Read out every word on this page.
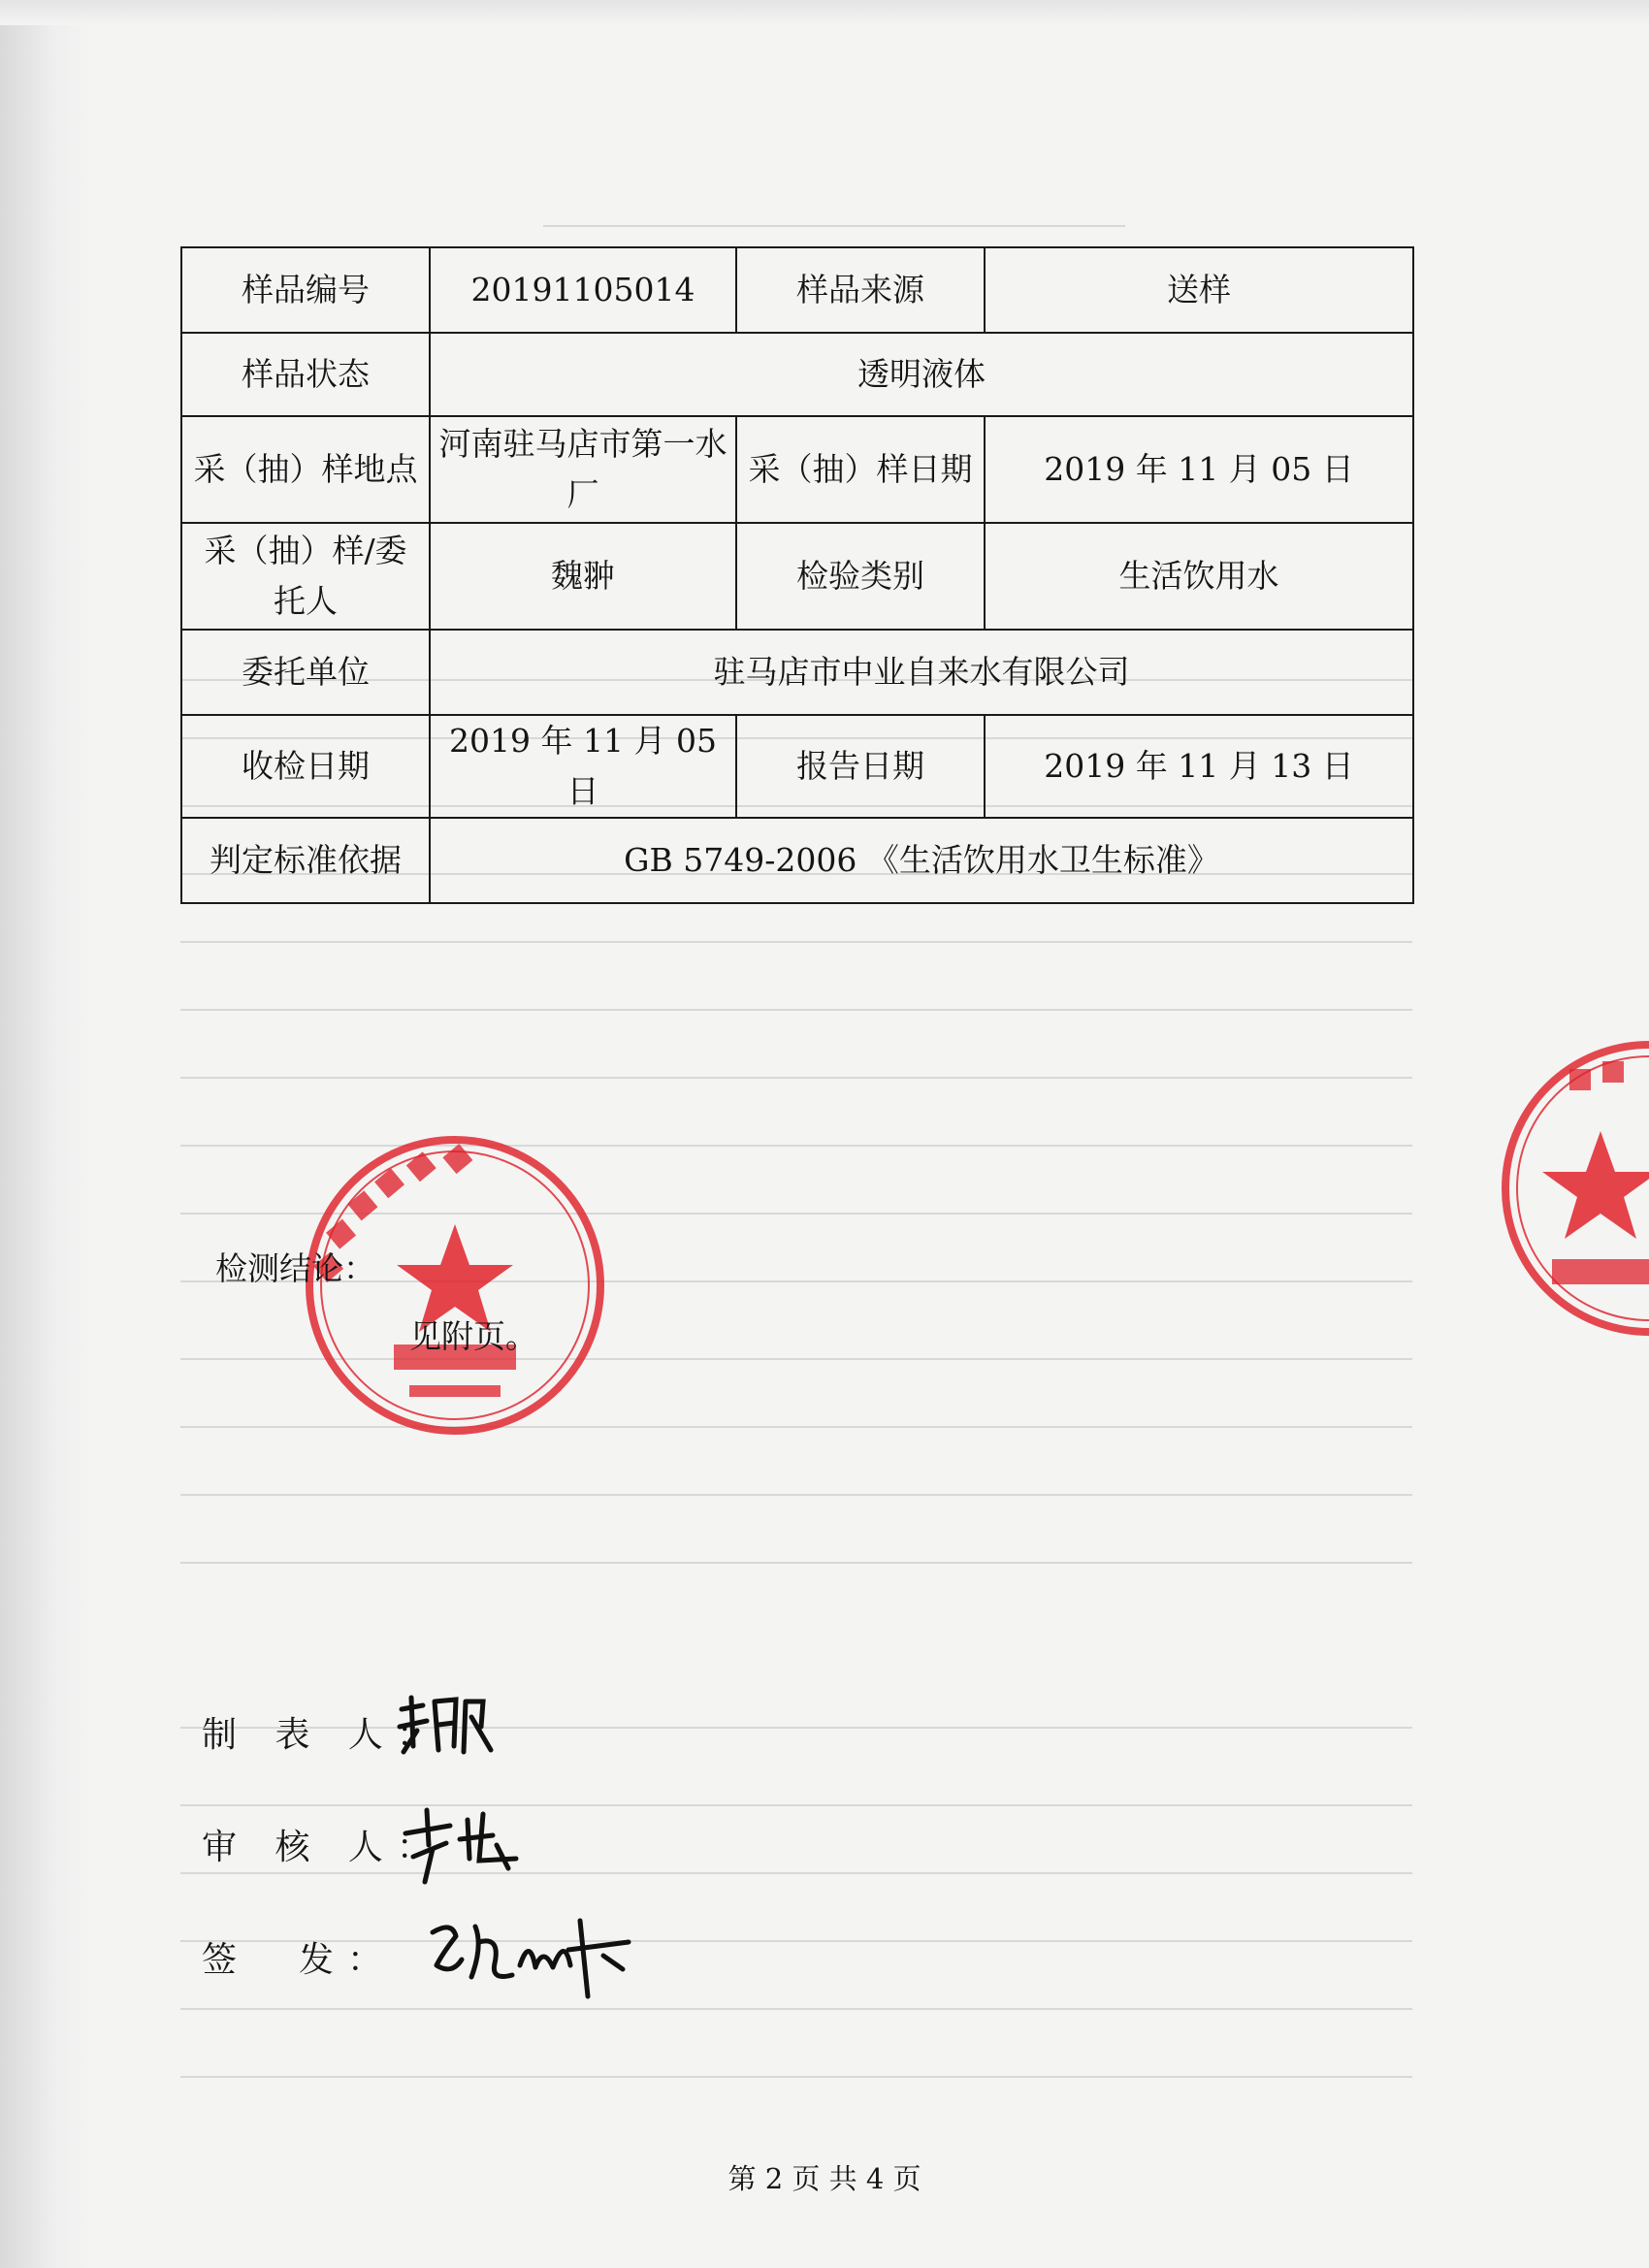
样品编号	20191105014	样品来源	送样
样品状态	透明液体		
采（抽）样地点	河南驻马店市第一水厂	采（抽）样日期	2019 年 11 月 05 日
采（抽）样/委托人	魏翀	检验类别	生活饮用水
委托单位	驻马店市中业自来水有限公司		
收检日期	2019 年 11 月 05 日	报告日期	2019 年 11 月 13 日
判定标准依据	GB 5749-2006 《生活饮用水卫生标准》		
检测结论：
见附页。
制 表 人：
审 核 人：
签　发：
第 2 页 共 4 页
